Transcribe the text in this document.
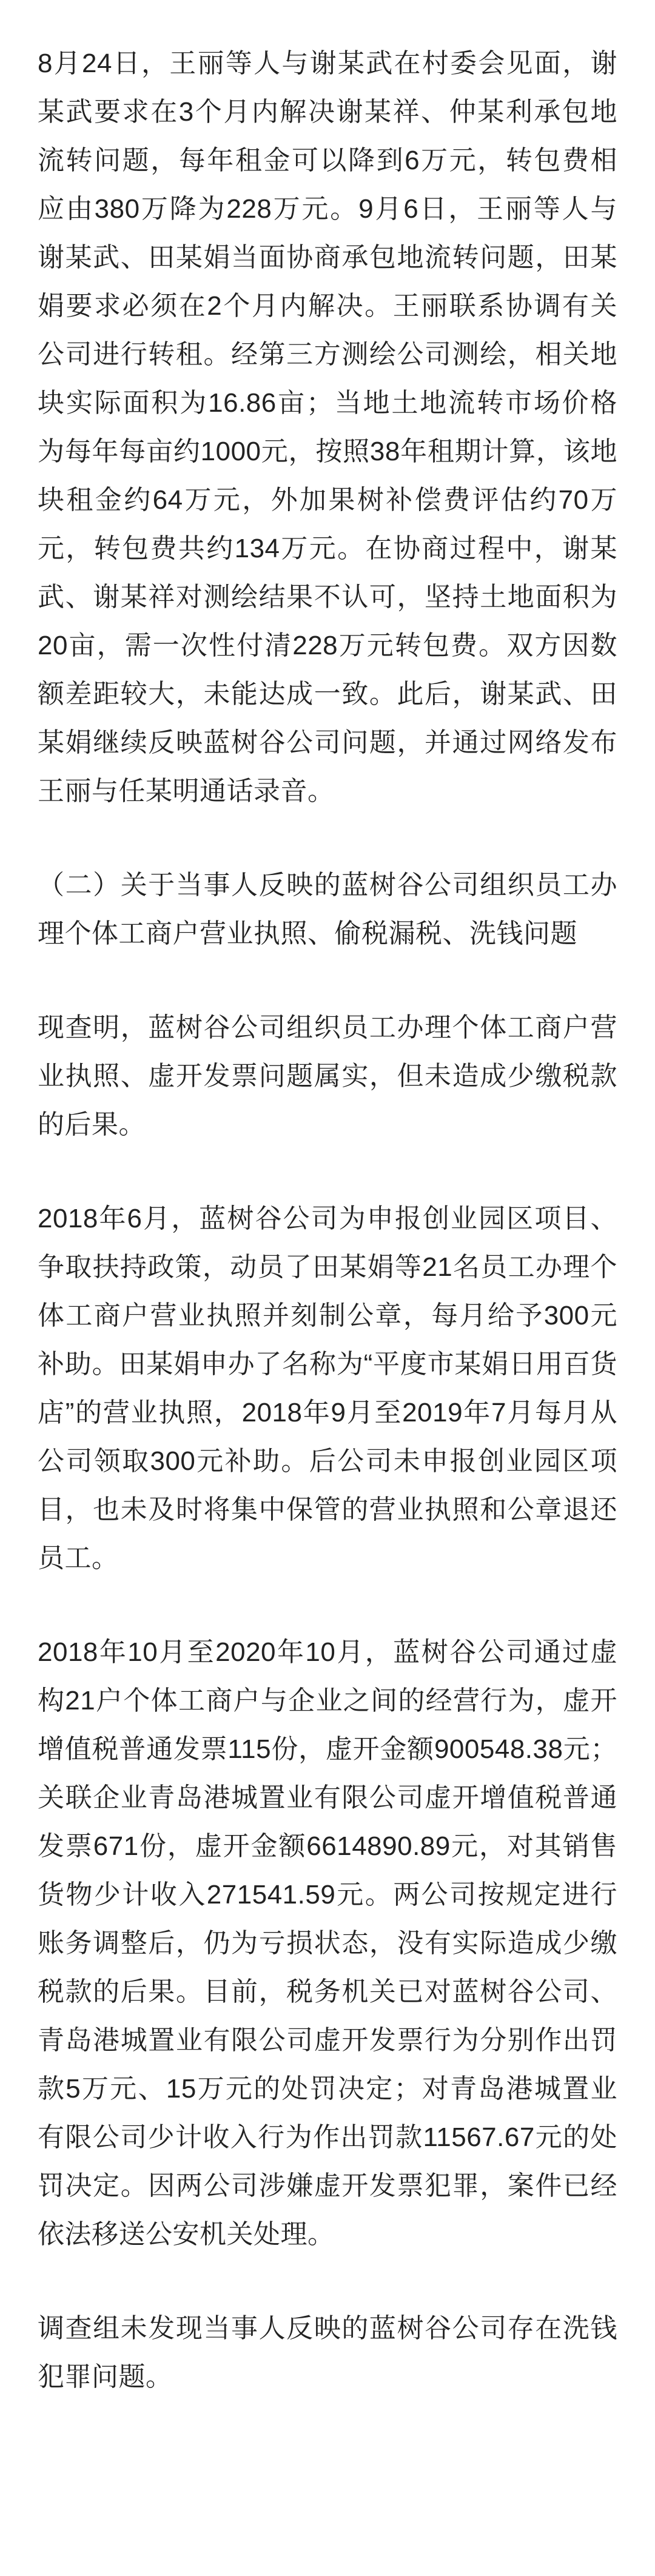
8月24日，王丽等人与谢某武在村委会见面，谢某武要求在3个月内解决谢某祥、仲某利承包地流转问题，每年租金可以降到6万元，转包费相应由380万降为228万元。9月6日，王丽等人与谢某武、田某娟当面协商承包地流转问题，田某娟要求必须在2个月内解决。王丽联系协调有关公司进行转租。经第三方测绘公司测绘，相关地块实际面积为16.86亩；当地土地流转市场价格为每年每亩约1000元，按照38年租期计算，该地块租金约64万元，外加果树补偿费评估约70万元，转包费共约134万元。在协商过程中，谢某武、谢某祥对测绘结果不认可，坚持土地面积为20亩，需一次性付清228万元转包费。双方因数额差距较大，未能达成一致。此后，谢某武、田某娟继续反映蓝树谷公司问题，并通过网络发布王丽与任某明通话录音。

（二）关于当事人反映的蓝树谷公司组织员工办理个体工商户营业执照、偷税漏税、洗钱问题

现查明，蓝树谷公司组织员工办理个体工商户营业执照、虚开发票问题属实，但未造成少缴税款的后果。

2018年6月，蓝树谷公司为申报创业园区项目、争取扶持政策，动员了田某娟等21名员工办理个体工商户营业执照并刻制公章，每月给予300元补助。田某娟申办了名称为“平度市某娟日用百货店”的营业执照，2018年9月至2019年7月每月从公司领取300元补助。后公司未申报创业园区项目，也未及时将集中保管的营业执照和公章退还员工。

2018年10月至2020年10月，蓝树谷公司通过虚构21户个体工商户与企业之间的经营行为，虚开增值税普通发票115份，虚开金额900548.38元；关联企业青岛港城置业有限公司虚开增值税普通发票671份，虚开金额6614890.89元，对其销售货物少计收入271541.59元。两公司按规定进行账务调整后，仍为亏损状态，没有实际造成少缴税款的后果。目前，税务机关已对蓝树谷公司、青岛港城置业有限公司虚开发票行为分别作出罚款5万元、15万元的处罚决定；对青岛港城置业有限公司少计收入行为作出罚款11567.67元的处罚决定。因两公司涉嫌虚开发票犯罪，案件已经依法移送公安机关处理。

调查组未发现当事人反映的蓝树谷公司存在洗钱犯罪问题。
